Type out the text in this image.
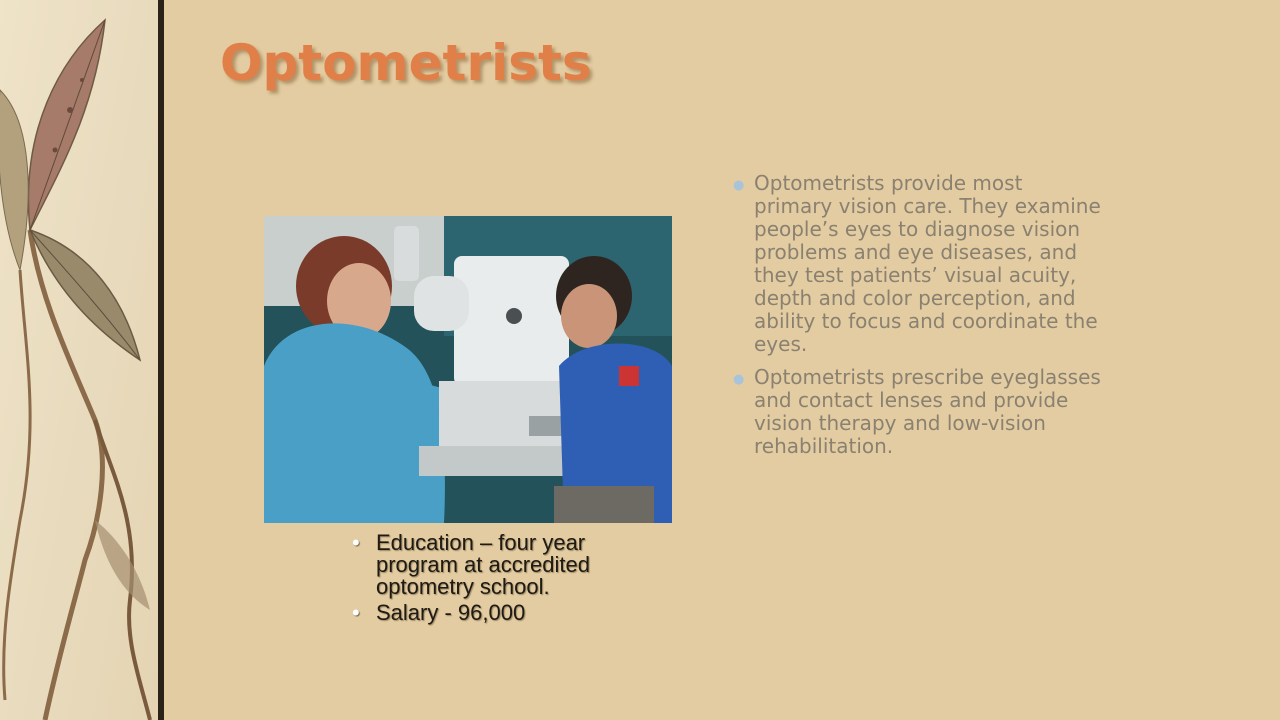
Optometrists
• Education – four year program at accredited optometry school.
• Salary - 96,000
● Optometrists provide most primary vision care. They examine people’s eyes to diagnose vision problems and eye diseases, and they test patients’ visual acuity, depth and color perception, and ability to focus and coordinate the eyes.
● Optometrists prescribe eyeglasses and contact lenses and provide vision therapy and low-vision rehabilitation.
